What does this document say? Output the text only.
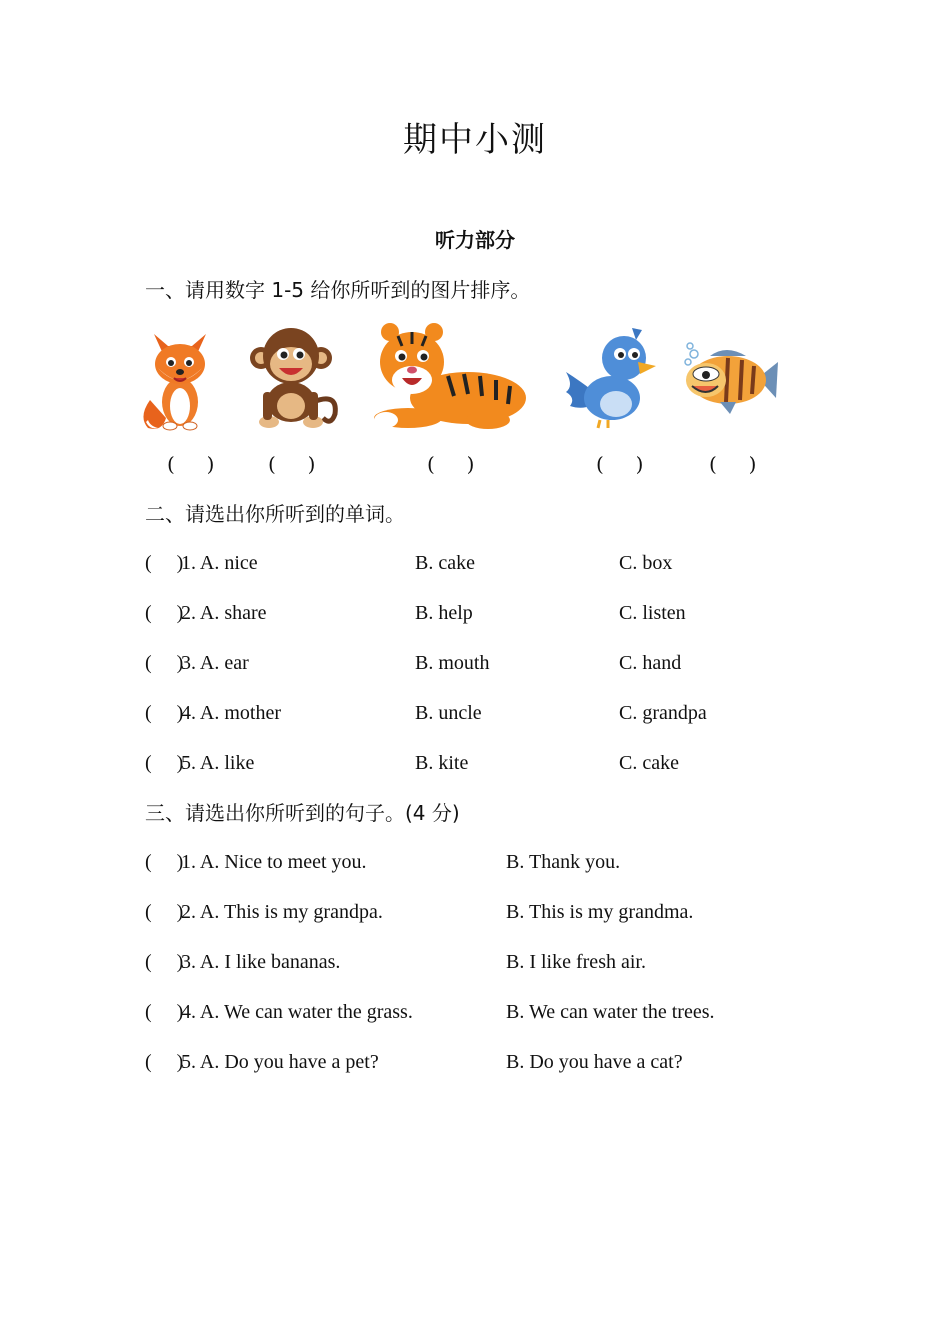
期中小测
听力部分
一、请用数字 1-5 给你所听到的图片排序。
(     )	(     )	(     )	(     )	(     )
二、请选出你所听到的单词。
(     )
1. A. nice	B. cake	C. box
(     )
2. A. share	B. help	C. listen
(     )
3. A. ear	B. mouth	C. hand
(     )
4. A. mother	B. uncle	C. grandpa
(     )
5. A. like	B. kite	C. cake
三、请选出你所听到的句子。(4 分)
(     )
1. A. Nice to meet you.	B. Thank you.
(     )
2. A. This is my grandpa.	B. This is my grandma.
(     )
3. A. I like bananas.	B. I like fresh air.
(     )
4. A. We can water the grass.	B. We can water the trees.
(     )
5. A. Do you have a pet?	B. Do you have a cat?
